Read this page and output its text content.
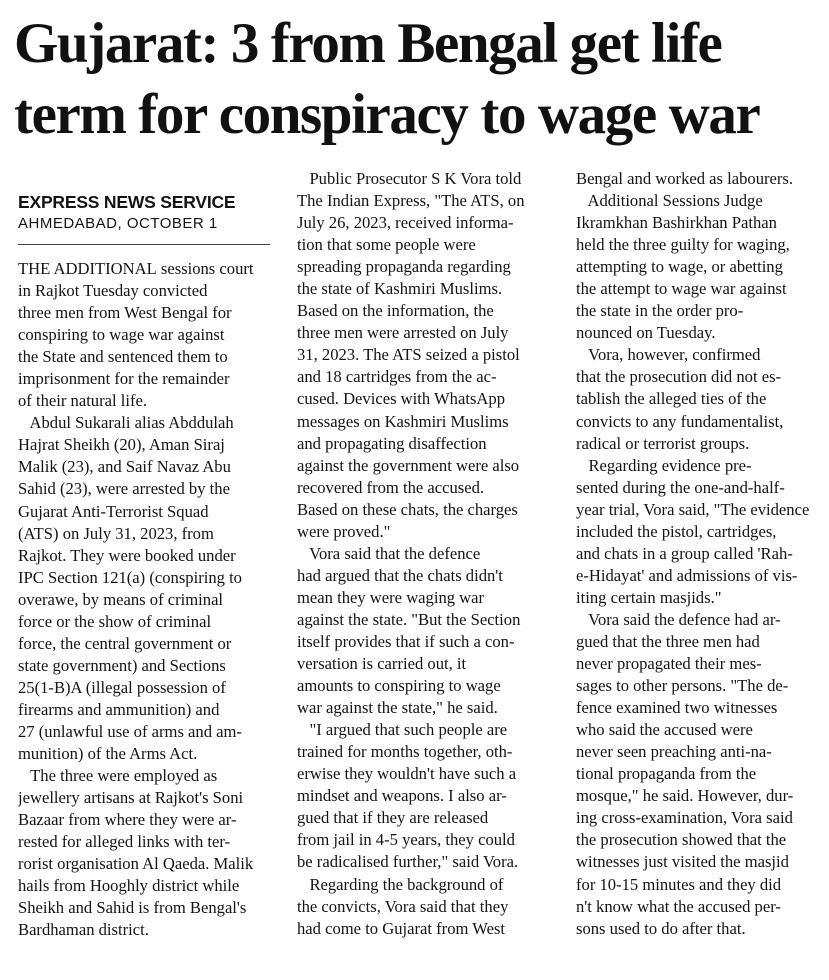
Gujarat: 3 from Bengal get life
term for conspiracy to wage war
EXPRESS NEWS SERVICE
AHMEDABAD, OCTOBER 1
THE ADDITIONAL sessions court
in Rajkot Tuesday convicted
three men from West Bengal for
conspiring to wage war against
the State and sentenced them to
imprisonment for the remainder
of their natural life.
Abdul Sukarali alias Abddulah
Hajrat Sheikh (20), Aman Siraj
Malik (23), and Saif Navaz Abu
Sahid (23), were arrested by the
Gujarat Anti-Terrorist Squad
(ATS) on July 31, 2023, from
Rajkot. They were booked under
IPC Section 121(a) (conspiring to
overawe, by means of criminal
force or the show of criminal
force, the central government or
state government) and Sections
25(1-B)A (illegal possession of
firearms and ammunition) and
27 (unlawful use of arms and am-
munition) of the Arms Act.
The three were employed as
jewellery artisans at Rajkot's Soni
Bazaar from where they were ar-
rested for alleged links with ter-
rorist organisation Al Qaeda. Malik
hails from Hooghly district while
Sheikh and Sahid is from Bengal's
Bardhaman district.
Public Prosecutor S K Vora told
The Indian Express, "The ATS, on
July 26, 2023, received informa-
tion that some people were
spreading propaganda regarding
the state of Kashmiri Muslims.
Based on the information, the
three men were arrested on July
31, 2023. The ATS seized a pistol
and 18 cartridges from the ac-
cused. Devices with WhatsApp
messages on Kashmiri Muslims
and propagating disaffection
against the government were also
recovered from the accused.
Based on these chats, the charges
were proved."
Vora said that the defence
had argued that the chats didn't
mean they were waging war
against the state. "But the Section
itself provides that if such a con-
versation is carried out, it
amounts to conspiring to wage
war against the state," he said.
"I argued that such people are
trained for months together, oth-
erwise they wouldn't have such a
mindset and weapons. I also ar-
gued that if they are released
from jail in 4-5 years, they could
be radicalised further," said Vora.
Regarding the background of
the convicts, Vora said that they
had come to Gujarat from West
Bengal and worked as labourers.
Additional Sessions Judge
Ikramkhan Bashirkhan Pathan
held the three guilty for waging,
attempting to wage, or abetting
the attempt to wage war against
the state in the order pro-
nounced on Tuesday.
Vora, however, confirmed
that the prosecution did not es-
tablish the alleged ties of the
convicts to any fundamentalist,
radical or terrorist groups.
Regarding evidence pre-
sented during the one-and-half-
year trial, Vora said, "The evidence
included the pistol, cartridges,
and chats in a group called 'Rah-
e-Hidayat' and admissions of vis-
iting certain masjids."
Vora said the defence had ar-
gued that the three men had
never propagated their mes-
sages to other persons. "The de-
fence examined two witnesses
who said the accused were
never seen preaching anti-na-
tional propaganda from the
mosque," he said. However, dur-
ing cross-examination, Vora said
the prosecution showed that the
witnesses just visited the masjid
for 10-15 minutes and they did
n't know what the accused per-
sons used to do after that.
